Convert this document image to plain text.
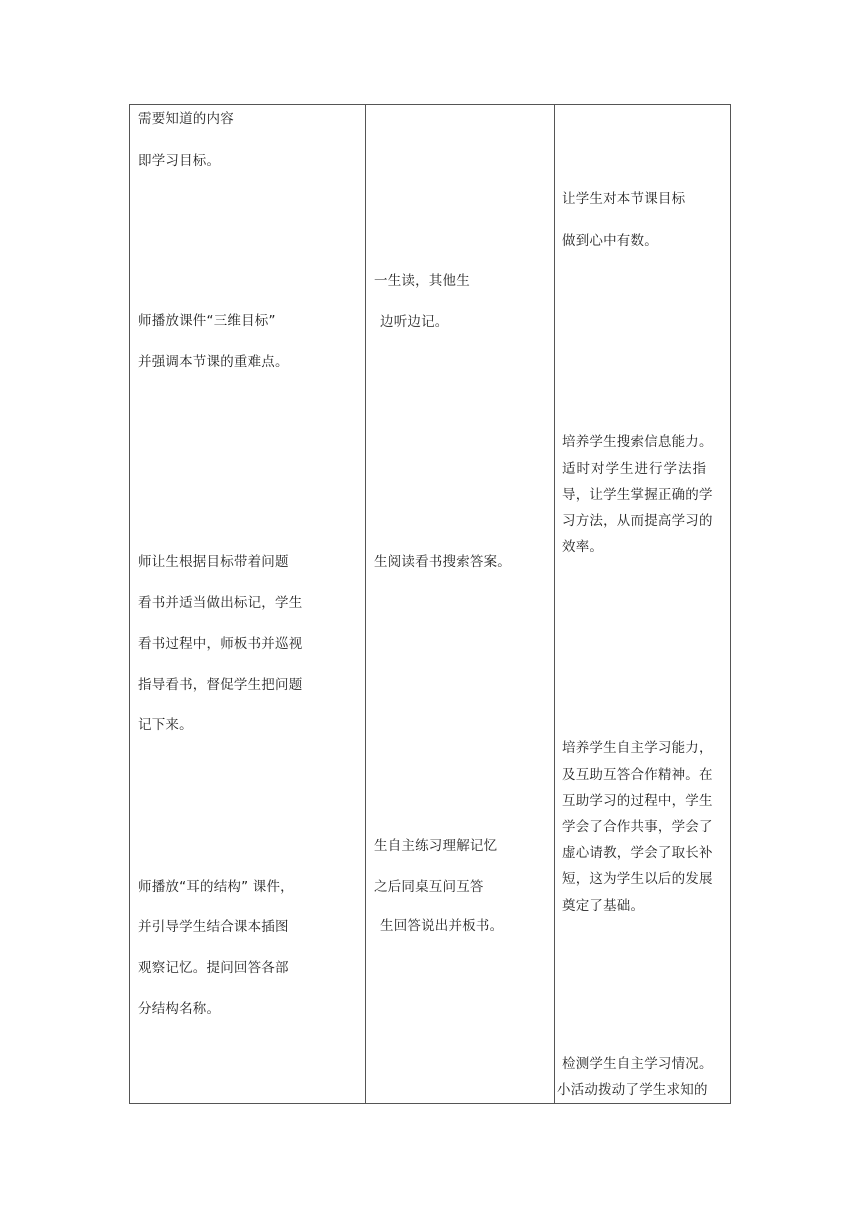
需要知道的内容
即学习目标。
师播放课件“三维目标”
并强调本节课的重难点。
师让生根据目标带着问题
看书并适当做出标记，学生
看书过程中，师板书并巡视
指导看书，督促学生把问题
记下来。
师播放“耳的结构” 课件，
并引导学生结合课本插图
观察记忆。提问回答各部
分结构名称。
一生读，其他生
边听边记。
生阅读看书搜索答案。
生自主练习理解记忆
之后同桌互问互答
生回答说出并板书。
让学生对本节课目标
做到心中有数。
培养学生搜索信息能力。
适时对学生进行学法指
导，让学生掌握正确的学
习方法，从而提高学习的
效率。
培养学生自主学习能力，
及互助互答合作精神。在
互助学习的过程中，学生
学会了合作共事，学会了
虚心请教，学会了取长补
短，这为学生以后的发展
奠定了基础。
检测学生自主学习情况。
小活动拨动了学生求知的
